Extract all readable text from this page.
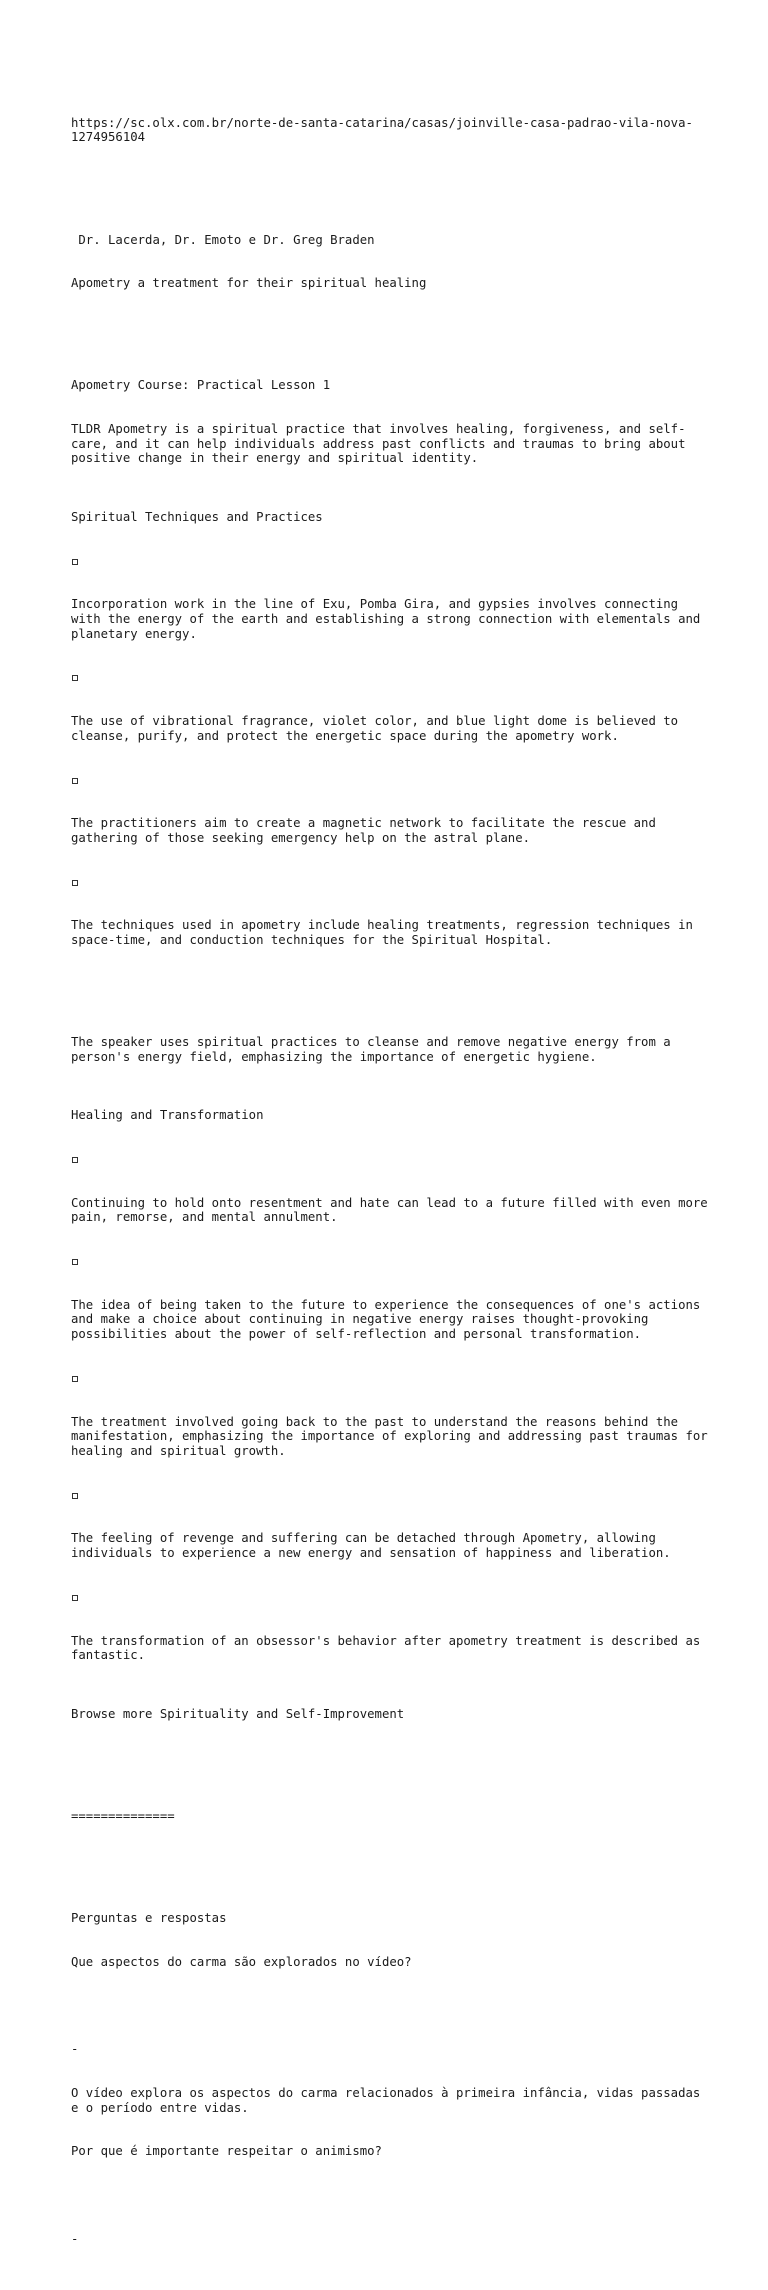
https://sc.olx.com.br/norte-de-santa-catarina/casas/joinville-casa-padrao-vila-nova-1274956104

Dr. Lacerda, Dr. Emoto e Dr. Greg Braden

Apometry a treatment for their spiritual healing

Apometry Course: Practical Lesson 1

TLDR Apometry is a spiritual practice that involves healing, forgiveness, and self-care, and it can help individuals address past conflicts and traumas to bring about positive change in their energy and spiritual identity.

Spiritual Techniques and Practices

Incorporation work in the line of Exu, Pomba Gira, and gypsies involves connecting with the energy of the earth and establishing a strong connection with elementals and planetary energy.

The use of vibrational fragrance, violet color, and blue light dome is believed to cleanse, purify, and protect the energetic space during the apometry work.

The practitioners aim to create a magnetic network to facilitate the rescue and gathering of those seeking emergency help on the astral plane.

The techniques used in apometry include healing treatments, regression techniques in space-time, and conduction techniques for the Spiritual Hospital.

The speaker uses spiritual practices to cleanse and remove negative energy from a person's energy field, emphasizing the importance of energetic hygiene.

Healing and Transformation

Continuing to hold onto resentment and hate can lead to a future filled with even more pain, remorse, and mental annulment.

The idea of being taken to the future to experience the consequences of one's actions and make a choice about continuing in negative energy raises thought-provoking possibilities about the power of self-reflection and personal transformation.

The treatment involved going back to the past to understand the reasons behind the manifestation, emphasizing the importance of exploring and addressing past traumas for healing and spiritual growth.

The feeling of revenge and suffering can be detached through Apometry, allowing individuals to experience a new energy and sensation of happiness and liberation.

The transformation of an obsessor's behavior after apometry treatment is described as fantastic.

Browse more Spirituality and Self-Improvement

==============

Perguntas e respostas

Que aspectos do carma são explorados no vídeo?

-

O vídeo explora os aspectos do carma relacionados à primeira infância, vidas passadas e o período entre vidas.

Por que é importante respeitar o animismo?

-
